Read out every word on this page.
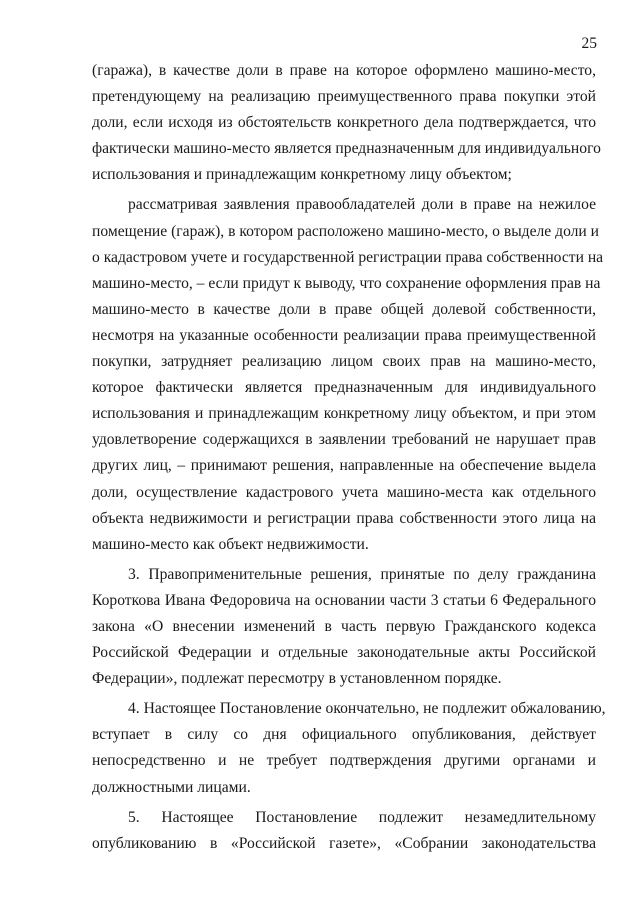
25

(гаража), в качестве доли в праве на которое оформлено машино-место,
претендующему на реализацию преимущественного права покупки этой
доли, если исходя из обстоятельств конкретного дела подтверждается, что
фактически машино-место является предназначенным для индивидуального
использования и принадлежащим конкретному лицу объектом;

рассматривая заявления правообладателей доли в праве на нежилое
помещение (гараж), в котором расположено машино-место, о выделе доли и
о кадастровом учете и государственной регистрации права собственности на
машино-место, – если придут к выводу, что сохранение оформления прав на
машино-место в качестве доли в праве общей долевой собственности,
несмотря на указанные особенности реализации права преимущественной
покупки, затрудняет реализацию лицом своих прав на машино-место,
которое фактически является предназначенным для индивидуального
использования и принадлежащим конкретному лицу объектом, и при этом
удовлетворение содержащихся в заявлении требований не нарушает прав
других лиц, – принимают решения, направленные на обеспечение выдела
доли, осуществление кадастрового учета машино-места как отдельного
объекта недвижимости и регистрации права собственности этого лица на
машино-место как объект недвижимости.

3. Правоприменительные решения, принятые по делу гражданина
Короткова Ивана Федоровича на основании части 3 статьи 6 Федерального
закона «О внесении изменений в часть первую Гражданского кодекса
Российской Федерации и отдельные законодательные акты Российской
Федерации», подлежат пересмотру в установленном порядке.

4. Настоящее Постановление окончательно, не подлежит обжалованию,
вступает в силу со дня официального опубликования, действует
непосредственно и не требует подтверждения другими органами и
должностными лицами.

5. Настоящее Постановление подлежит незамедлительному
опубликованию в «Российской газете», «Собрании законодательства
